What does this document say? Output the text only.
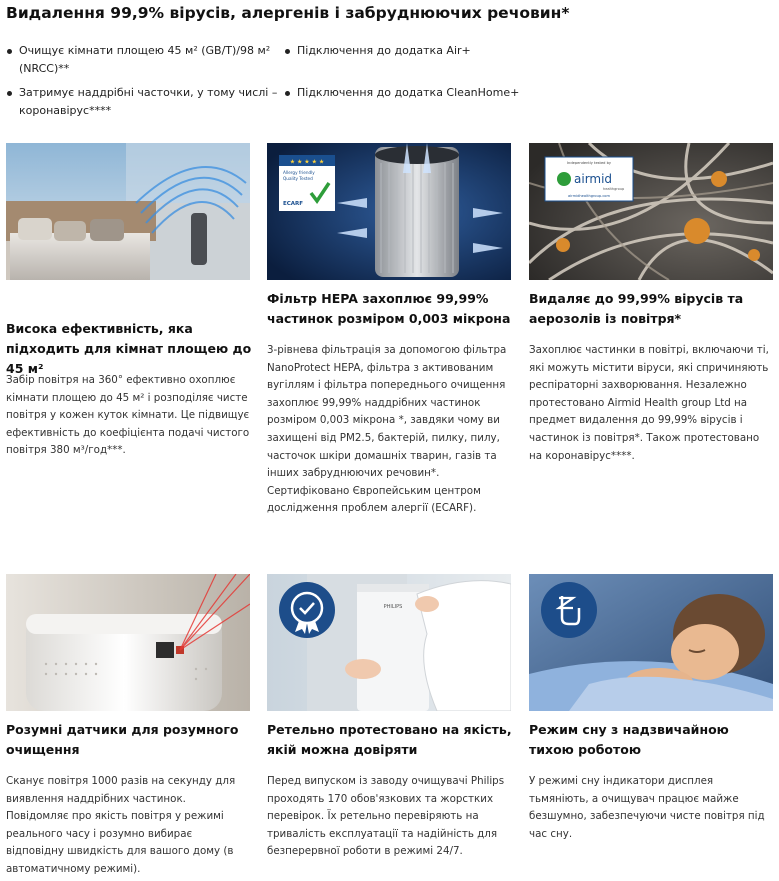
Видалення 99,9% вірусів, алергенів і забруднюючих речовин*
Очищує кімнати площею 45 м² (GB/T)/98 м² (NRCC)**
Підключення до додатка Air+
Затримує наддрібні часточки, у тому числі – коронавірус****
Підключення до додатка CleanHome+
Висока ефективність, яка підходить для кімнат площею до 45 м²
Забір повітря на 360° ефективно охоплює кімнати площею до 45 м² і розподіляє чисте повітря у кожен куток кімнати. Це підвищує ефективність до коефіцієнта подачі чистого повітря 380 м³/год***.
★ ★ ★ ★ ★
Allergy friendly
Quality Tested
ECARF
Фільтр HEPA захоплює 99,99% частинок розміром 0,003 мікрона
3-рівнева фільтрація за допомогою фільтра NanoProtect HEPA, фільтра з активованим вугіллям і фільтра попереднього очищення захоплює 99,99% наддрібних частинок розміром 0,003 мікрона *, завдяки чому ви захищені від PM2.5, бактерій, пилку, пилу, часточок шкіри домашніх тварин, газів та інших забруднюючих речовин*. Сертифіковано Європейським центром дослідження проблем алергії (ECARF).
Independently tested by
airmid
healthgroup
airmidhealthgroup.com
Видаляє до 99,99% вірусів та аерозолів із повітря*
Захоплює частинки в повітрі, включаючи ті, які можуть містити віруси, які спричиняють респіраторні захворювання. Незалежно протестовано Airmid Health group Ltd на предмет видалення до 99,99% вірусів і частинок із повітря*. Також протестовано на коронавірус****.
Розумні датчики для розумного очищення
Сканує повітря 1000 разів на секунду для виявлення наддрібних частинок. Повідомляє про якість повітря у режимі реального часу і розумно вибирає відповідну швидкість для вашого дому (в автоматичному режимі).
PHILIPS
Ретельно протестовано на якість, якій можна довіряти
Перед випуском із заводу очищувачі Philips проходять 170 обов'язкових та жорстких перевірок. Їх ретельно перевіряють на тривалість експлуатації та надійність для безперервної роботи в режимі 24/7.
Режим сну з надзвичайною тихою роботою
У режимі сну індикатори дисплея тьмяніють, а очищувач працює майже безшумно, забезпечуючи чисте повітря під час сну.
